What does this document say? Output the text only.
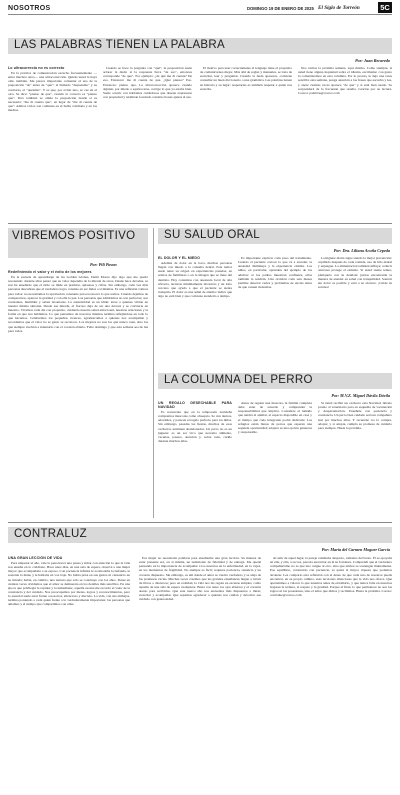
NOSOTROS	DOMINGO 19 DE ENERO DE 2025 El Siglo de Torreón	5C
LAS PALABRAS TIENEN LA PALABRA
Por: Juan Recaredo
Lo ultracorrecto no es correcto

En la práctica de comunicación escucho frecuentemente —entre muchos otros— una ultracorrección. Quizás usted la haya oído también. Me parece importante comentar el uso de la preposición "de" antes de "que": el llamado "dequeísmo" y su contrario, el "queísmo". Y es que, por evitar uno, se cae en el otro. Se dice: "pienso de que", cuando lo correcto es "pienso que". Pero también se omite la preposición donde sí es necesaria: "me di cuenta que", en lugar de "me di cuenta de que". Ambos vicios son comunes en el habla cotidiana y en los medios.

Cuando se hace la pregunta con "qué", la preposición suele aclarar la duda: si la respuesta lleva "de eso", entonces corresponde "de que". Por ejemplo: ¿de qué me di cuenta? De eso. Entonces: me di cuenta de que. ¿Qué pienso? Eso. Entonces: pienso que. La ultracorrección aparece cuando alguien, por miedo a equivocarse, corrige lo que ya estaba bien. Suele ocurrir con hablantes cuidadosos que desean expresarse con propiedad y terminan forzando construcciones ajenas al uso.

El motivo para usar correctamente el lenguaje tiene el propósito de comunicarnos mejor. Más allá de reglas y manuales, se trata de escuchar, leer y preguntar. Cuando la duda aparezca, conviene consultar un buen diccionario o una gramática. Las palabras tienen su historia y su lugar: respetarlas es también respetar a quien nos escucha.

Nos vemos la próxima semana, aquí mismo. Como siempre, si usted tiene alguna inquietud sobre el idioma, escríbame: con gusto la comentaremos en esta columna. Por lo pronto, le dejo una tarea sencilla: esta semana, ponga atención a las frases que escucha y lee, y anote cuántas veces aparece "de que" y si está bien usado. Se sorprenderá de lo frecuente que resulta. Gracias por su lectura. Correo: palabras@correo.com

VIBREMOS POSITIVO
Por: Pili Pavon
Redefiniendo el valor y el éxito de los mejores

En la escuela de aprendizaje de las Golden Globes, Demi Moore dijo algo que me quedó resonando: durante años pensó que su valor dependía de la mirada de otros. Desde hace décadas, se nos ha enseñado que el éxito se mide en premios, aplausos y cifras. Sin embargo, cada vez más personas descubren que el verdadero logro consiste en ser fieles a sí mismas. Es una reflexión valiosa para todos: no necesitamos la aprobación constante para reconocer lo que somos. Cuando dejamos de compararnos, aparece la gratitud y con ella la paz. Las personas que admiramos no son perfectas; son constantes, humildes y saben levantarse. La autenticidad es un imán: atrae a quienes vibran en nuestra misma sintonía. Desde esa mirada, el fracaso deja de ser una derrota y se convierte en maestro. Vivamos cada día con propósito, cuidando nuestra salud emocional, nuestras relaciones y la forma en que nos hablamos. Lo que pensamos de nosotros mismos termina reflejándose en todo lo que hacemos. Celebremos los pequeños avances, agradezcamos a quienes nos acompañan y recordemos que el valor no se gana: se reconoce. Los mejores no son los que nunca caen, sino los que siempre vuelven a intentarlo con el corazón abierto. Feliz domingo y que esta semana sea de luz para todos.

SU SALUD ORAL
Por: Dra. Liliana Acuña Cepeda
EL DOLOR Y EL MIEDO

Además de dolor en la boca, muchas personas llegan con miedo a la consulta dental. Este temor suele tener su origen en experiencias pasadas, en relatos de familiares o en la imagen que se tiene del dentista. Hoy contamos con anestesia local de alta eficacia, técnicas mínimamente invasivas y un trato cercano que ayuda a que el paciente se sienta tranquilo. El dolor es una señal de alarma: indica que algo no está bien y que conviene atenderlo a tiempo.

Es importante explicar cada paso del tratamiento. Cuando el paciente conoce lo que va a suceder, la ansiedad disminuye y la experiencia cambia. Los niños, en particular, aprenden del ejemplo de los adultos: si los padres muestran confianza, ellos también la tendrán. Una revisión cada seis meses permite detectar caries y problemas de encías antes de que causen molestias.

La higiene diaria sigue siendo la mejor prevención: cepillado después de cada comida, uso de hilo dental y enjuague. La alimentación también influye; reducir azúcares protege el esmalte. Si usted siente temor, platíquelo con su dentista: juntos encontrarán la manera de atender su salud con tranquilidad. Sonreír sin dolor es posible y está a su alcance. ¡Cuide su sonrisa!

LA COLUMNA DEL PERRO
Por: M.V.Z. Miguel Dávila Dávila
UN REGALO DESECHABLE PARA NAVIDAD

Es recurrente que en la temporada navideña compremos mascotas como obsequio. Se ven tiernos, adorables, y parecen el regalo perfecto para los niños. Sin embargo, pasadas las fiestas, muchos de esos cachorros terminan abandonados. Un perro no es un juguete: es un ser vivo que necesita alimento, vacunas, paseos, atención y, sobre todo, cariño durante muchos años.

Antes de regalar una mascota, la familia completa debe estar de acuerdo y comprender la responsabilidad que implica. Considere el tamaño que tendrá el animal, el espacio disponible en casa y el tiempo que cada integrante podrá dedicarle. Los refugios están llenos de perros que esperan una segunda oportunidad; adoptar es una opción generosa y responsable.

Si usted recibió un cachorro esta Navidad, llévelo pronto al veterinario para su esquema de vacunación y desparasitación. Enséñele con paciencia y constancia. Un perro bien cuidado será un compañero leal por muchos años. Y recuerde: no lo compre, adopte; y si adopta, cumpla su promesa de cuidarlo para siempre. Hasta la próxima.

CONTRALUZ
Por: María del Carmen Moguer García
UNA GRAN LECCIÓN DE VIDA

Para empezar el año, vale la pena hacer una pausa y mirar con atención lo que la vida nos enseña en lo cotidiano. Hace unos días, en una sala de espera, observé a una mujer mayor que acompañaba a su esposo. Con paciencia infinita le acomodaba la bufanda, le sostenía la mano y le hablaba en voz baja. No había prisa en sus gestos ni cansancio en su mirada; había, en cambio, una ternura que sólo se construye con los años. Pensé en cuántas veces olvidamos que el amor se demuestra en los detalles más sencillos. En una época que privilegia la rapidez y la inmediatez, aquella escena me recordó el valor de la constancia y del cuidado. Nos preocupamos por metas, logros y reconocimientos, pero lo esencial suele estar frente a nosotros, silencioso y discreto. La vida, con sus altibajos, termina poniendo a cada quien frente a lo verdaderamente importante: las personas que amamos y el tiempo que compartimos con ellas.

Esa mujer no necesitaba palabras para enseñarme una gran lección. Su manera de estar presente era, en sí misma, un testimonio de fidelidad y de entrega. Me quedé pensando en la importancia de acompañar a los nuestros en la enfermedad, en la vejez, en los momentos de fragilidad. No siempre es fácil; requiere paciencia, renuncia y un corazón dispuesto. Sin embargo, es ahí donde el amor se vuelve verdadero y se aleja de las promesas vacías. Muchas veces creemos que las grandes enseñanzas llegan a través de libros o discursos; pero en realidad, la vida nos las regala en escenas simples, como aquella de una sala de espera cualquiera. Basta con tener los ojos abiertos y el corazón atento para recibirlas. Que este nuevo año nos encuentre más dispuestos a mirar, escuchar y acompañar. Que sepamos agradecer a quienes nos cuidan y devolver ese cuidado con generosidad.

Al salir de aquel lugar, la pareja caminaba despacio, tomados del brazo. Él se apoyaba en ella, y ella, a su vez, parecía encontrar en él su fortaleza. Comprendí que el verdadero compañerismo no es que uno cargue al otro, sino que ambos se sostengan mutuamente. Ese equilibrio, construido con paciencia, es quizá la mayor riqueza que podemos alcanzar. Les comparto esta reflexión con el deseo de que cada uno de nosotros pueda encontrar, en su propio camino, esas lecciones silenciosas que la vida nos ofrece. Que aprendamos a valorar lo que tenemos antes de extrañarlo, y que nunca falte en nuestros hogares la ternura, el respeto y la gratitud. Porque al final, lo que permanece no son los logros ni las posesiones, sino el amor que dimos y recibimos. Hasta la próxima. Correo: contraluz@correo.com
